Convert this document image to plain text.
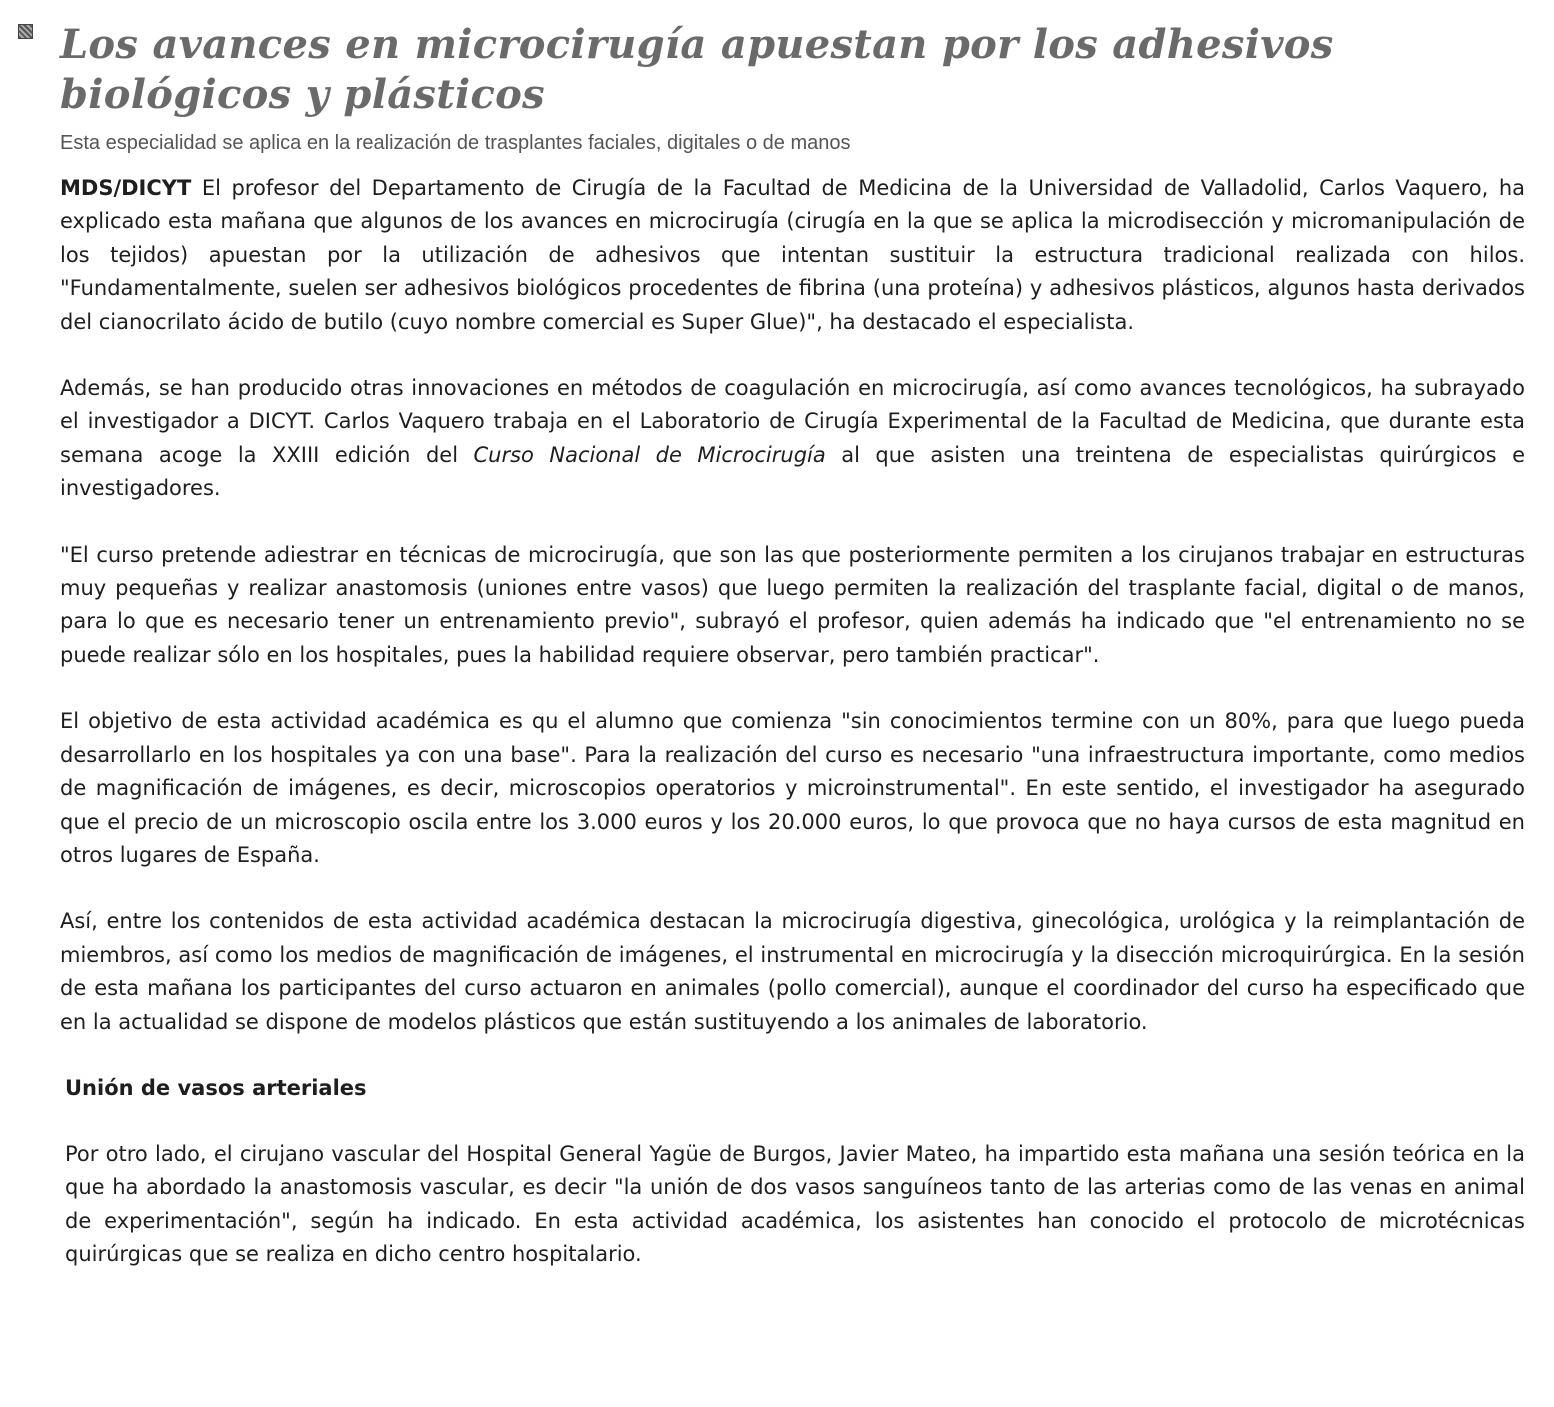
Los avances en microcirugía apuestan por los adhesivos biológicos y plásticos

Esta especialidad se aplica en la realización de trasplantes faciales, digitales o de manos

MDS/DICYT El profesor del Departamento de Cirugía de la Facultad de Medicina de la Universidad de Valladolid, Carlos Vaquero, ha explicado esta mañana que algunos de los avances en microcirugía (cirugía en la que se aplica la microdisección y micromanipulación de los tejidos) apuestan por la utilización de adhesivos que intentan sustituir la estructura tradicional realizada con hilos. "Fundamentalmente, suelen ser adhesivos biológicos procedentes de fibrina (una proteína) y adhesivos plásticos, algunos hasta derivados del cianocrilato ácido de butilo (cuyo nombre comercial es Super Glue)", ha destacado el especialista.

Además, se han producido otras innovaciones en métodos de coagulación en microcirugía, así como avances tecnológicos, ha subrayado el investigador a DICYT. Carlos Vaquero trabaja en el Laboratorio de Cirugía Experimental de la Facultad de Medicina, que durante esta semana acoge la XXIII edición del Curso Nacional de Microcirugía al que asisten una treintena de especialistas quirúrgicos e investigadores.

"El curso pretende adiestrar en técnicas de microcirugía, que son las que posteriormente permiten a los cirujanos trabajar en estructuras muy pequeñas y realizar anastomosis (uniones entre vasos) que luego permiten la realización del trasplante facial, digital o de manos, para lo que es necesario tener un entrenamiento previo", subrayó el profesor, quien además ha indicado que "el entrenamiento no se puede realizar sólo en los hospitales, pues la habilidad requiere observar, pero también practicar".

El objetivo de esta actividad académica es qu el alumno que comienza "sin conocimientos termine con un 80%, para que luego pueda desarrollarlo en los hospitales ya con una base". Para la realización del curso es necesario "una infraestructura importante, como medios de magnificación de imágenes, es decir, microscopios operatorios y microinstrumental". En este sentido, el investigador ha asegurado que el precio de un microscopio oscila entre los 3.000 euros y los 20.000 euros, lo que provoca que no haya cursos de esta magnitud en otros lugares de España.

Así, entre los contenidos de esta actividad académica destacan la microcirugía digestiva, ginecológica, urológica y la reimplantación de miembros, así como los medios de magnificación de imágenes, el instrumental en microcirugía y la disección microquirúrgica. En la sesión de esta mañana los participantes del curso actuaron en animales (pollo comercial), aunque el coordinador del curso ha especificado que en la actualidad se dispone de modelos plásticos que están sustituyendo a los animales de laboratorio.

Unión de vasos arteriales

Por otro lado, el cirujano vascular del Hospital General Yagüe de Burgos, Javier Mateo, ha impartido esta mañana una sesión teórica en la que ha abordado la anastomosis vascular, es decir "la unión de dos vasos sanguíneos tanto de las arterias como de las venas en animal de experimentación", según ha indicado. En esta actividad académica, los asistentes han conocido el protocolo de microtécnicas quirúrgicas que se realiza en dicho centro hospitalario.
